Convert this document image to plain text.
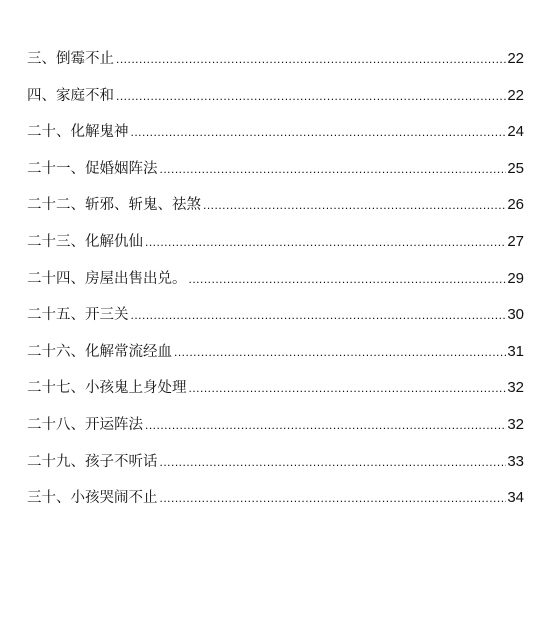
三、倒霉不止 .....	22
四、家庭不和 .....	22
二十、化解鬼神 .....	24
二十一、促婚姻阵法 .....	25
二十二、斩邪、斩鬼、祛煞 .....	26
二十三、化解仇仙 .....	27
二十四、房屋出售出兑。 .....	29
二十五、开三关 .....	30
二十六、化解常流经血 .....	31
二十七、小孩鬼上身处理 .....	32
二十八、开运阵法 .....	32
二十九、孩子不听话 .....	33
三十、小孩哭闹不止 .....	34
